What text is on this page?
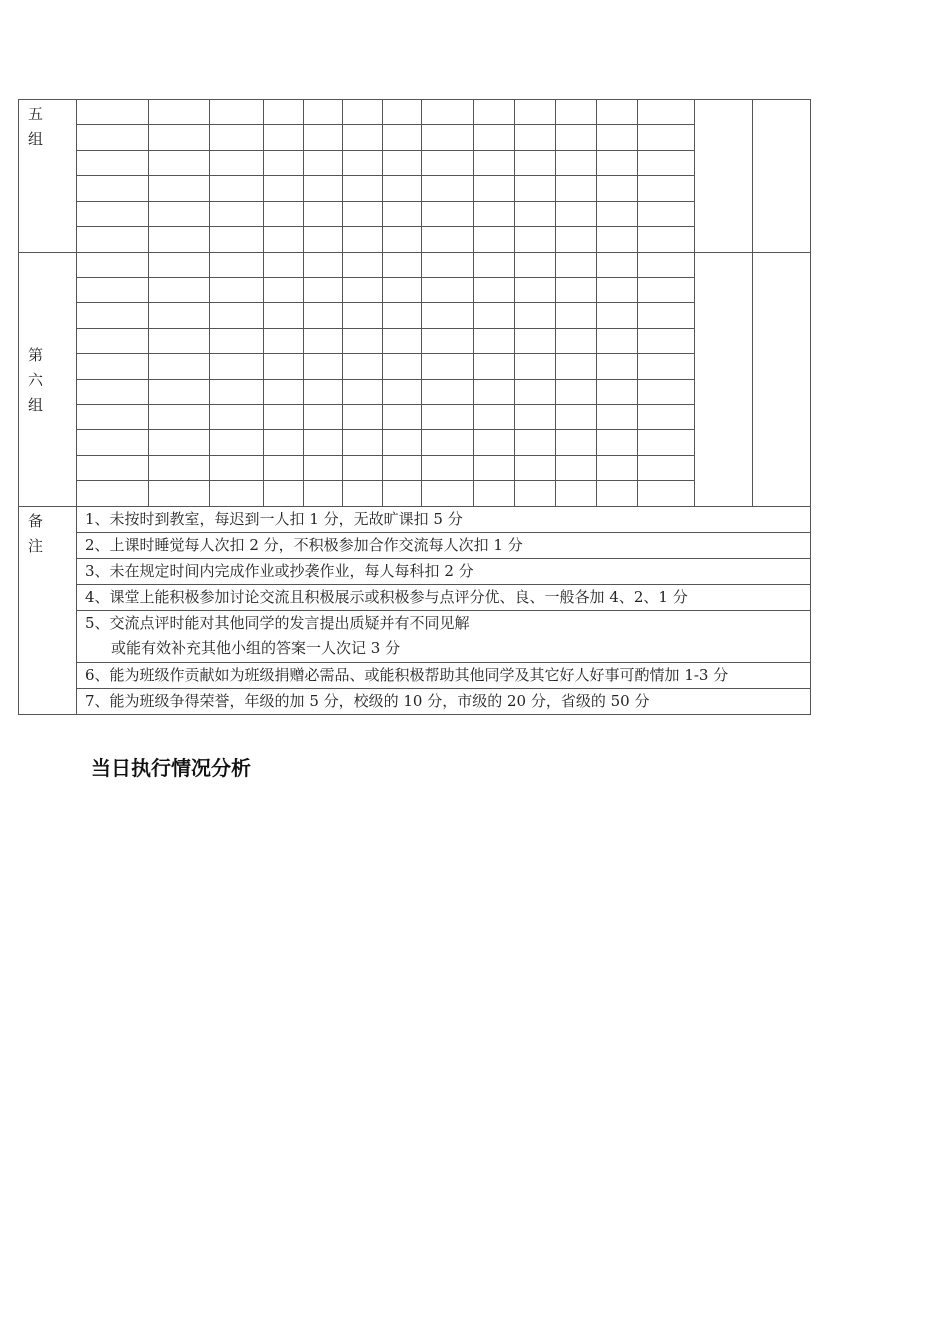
五
组															

第
六
组															

备
注	1、未按时到教室，每迟到一人扣 1 分，无故旷课扣 5 分														

	2、上课时睡觉每人次扣 2 分，不积极参加合作交流每人次扣 1 分														

	3、未在规定时间内完成作业或抄袭作业，每人每科扣 2 分														

	4、课堂上能积极参加讨论交流且积极展示或积极参与点评分优、良、一般各加 4、2、1 分														

	5、交流点评时能对其他同学的发言提出质疑并有不同见解
或能有效补充其他小组的答案一人次记 3 分														

	6、能为班级作贡献如为班级捐赠必需品、或能积极帮助其他同学及其它好人好事可酌情加 1-3 分														

	7、能为班级争得荣誉，年级的加 5 分，校级的 10 分，市级的 20 分，省级的 50 分														
当日执行情况分析
